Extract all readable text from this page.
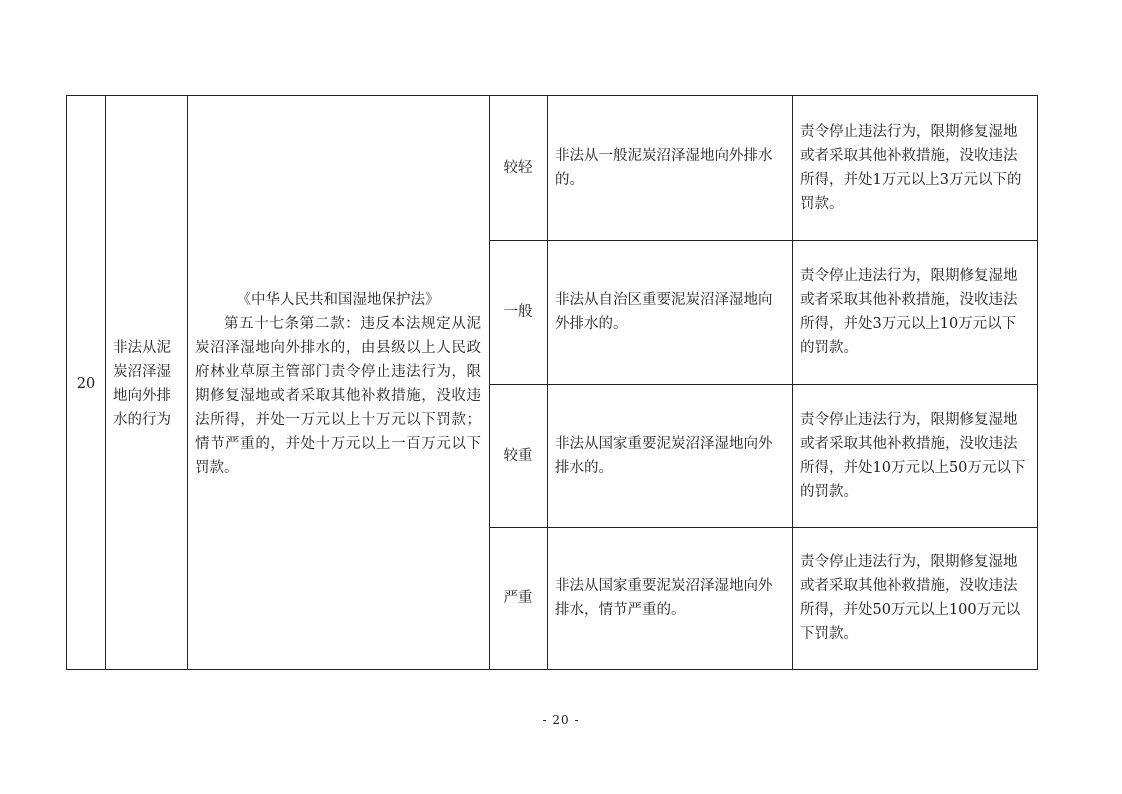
20
非法从泥炭沼泽湿地向外排水的行为
《中华人民共和国湿地保护法》
第五十七条第二款：违反本法规定从泥炭沼泽湿地向外排水的，由县级以上人民政府林业草原主管部门责令停止违法行为，限期修复湿地或者采取其他补救措施，没收违法所得，并处一万元以上十万元以下罚款；情节严重的，并处十万元以上一百万元以下罚款。
较轻
非法从一般泥炭沼泽湿地向外排水的。
责令停止违法行为，限期修复湿地或者采取其他补救措施，没收违法所得，并处1万元以上3万元以下的罚款。
一般
非法从自治区重要泥炭沼泽湿地向外排水的。
责令停止违法行为，限期修复湿地或者采取其他补救措施，没收违法所得，并处3万元以上10万元以下的罚款。
较重
非法从国家重要泥炭沼泽湿地向外排水的。
责令停止违法行为，限期修复湿地或者采取其他补救措施，没收违法所得，并处10万元以上50万元以下的罚款。
严重
非法从国家重要泥炭沼泽湿地向外排水，情节严重的。
责令停止违法行为，限期修复湿地或者采取其他补救措施，没收违法所得，并处50万元以上100万元以下罚款。
- 20 -
